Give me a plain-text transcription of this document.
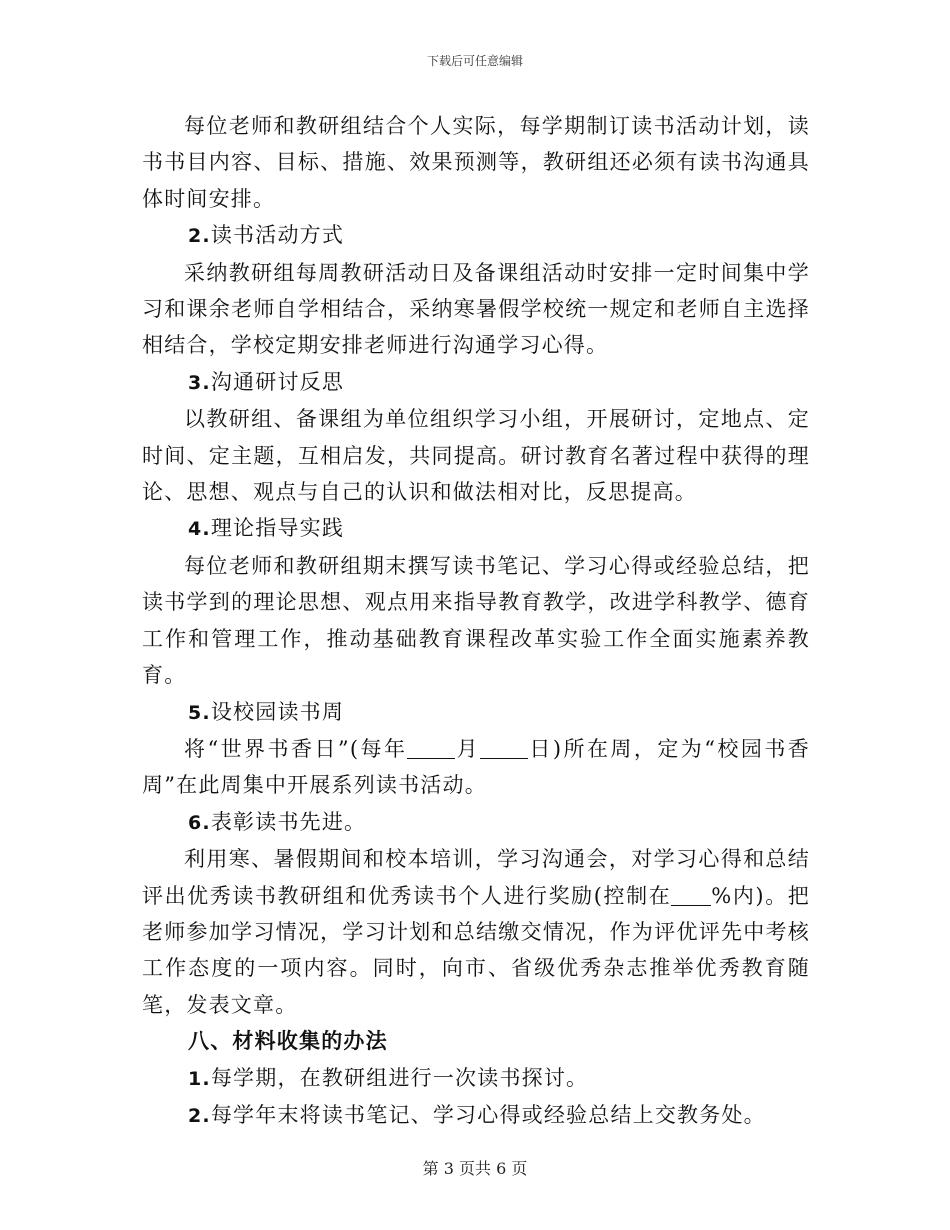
下载后可任意编辑

每位老师和教研组结合个人实际，每学期制订读书活动计划，读书书目内容、目标、措施、效果预测等，教研组还必须有读书沟通具体时间安排。

2.读书活动方式

采纳教研组每周教研活动日及备课组活动时安排一定时间集中学习和课余老师自学相结合，采纳寒暑假学校统一规定和老师自主选择相结合，学校定期安排老师进行沟通学习心得。

3.沟通研讨反思

以教研组、备课组为单位组织学习小组，开展研讨，定地点、定时间、定主题，互相启发，共同提高。研讨教育名著过程中获得的理论、思想、观点与自己的认识和做法相对比，反思提高。

4.理论指导实践

每位老师和教研组期末撰写读书笔记、学习心得或经验总结，把读书学到的理论思想、观点用来指导教育教学，改进学科教学、德育工作和管理工作，推动基础教育课程改革实验工作全面实施素养教育。

5.设校园读书周

将“世界书香日”(每年 月 日)所在周，定为“校园书香周”在此周集中开展系列读书活动。

6.表彰读书先进。

利用寒、暑假期间和校本培训，学习沟通会，对学习心得和总结评出优秀读书教研组和优秀读书个人进行奖励(控制在 %内)。把老师参加学习情况，学习计划和总结缴交情况，作为评优评先中考核工作态度的一项内容。同时，向市、省级优秀杂志推举优秀教育随笔，发表文章。

八、材料收集的办法

1.每学期，在教研组进行一次读书探讨。

2.每学年末将读书笔记、学习心得或经验总结上交教务处。

第 3 页共 6 页
